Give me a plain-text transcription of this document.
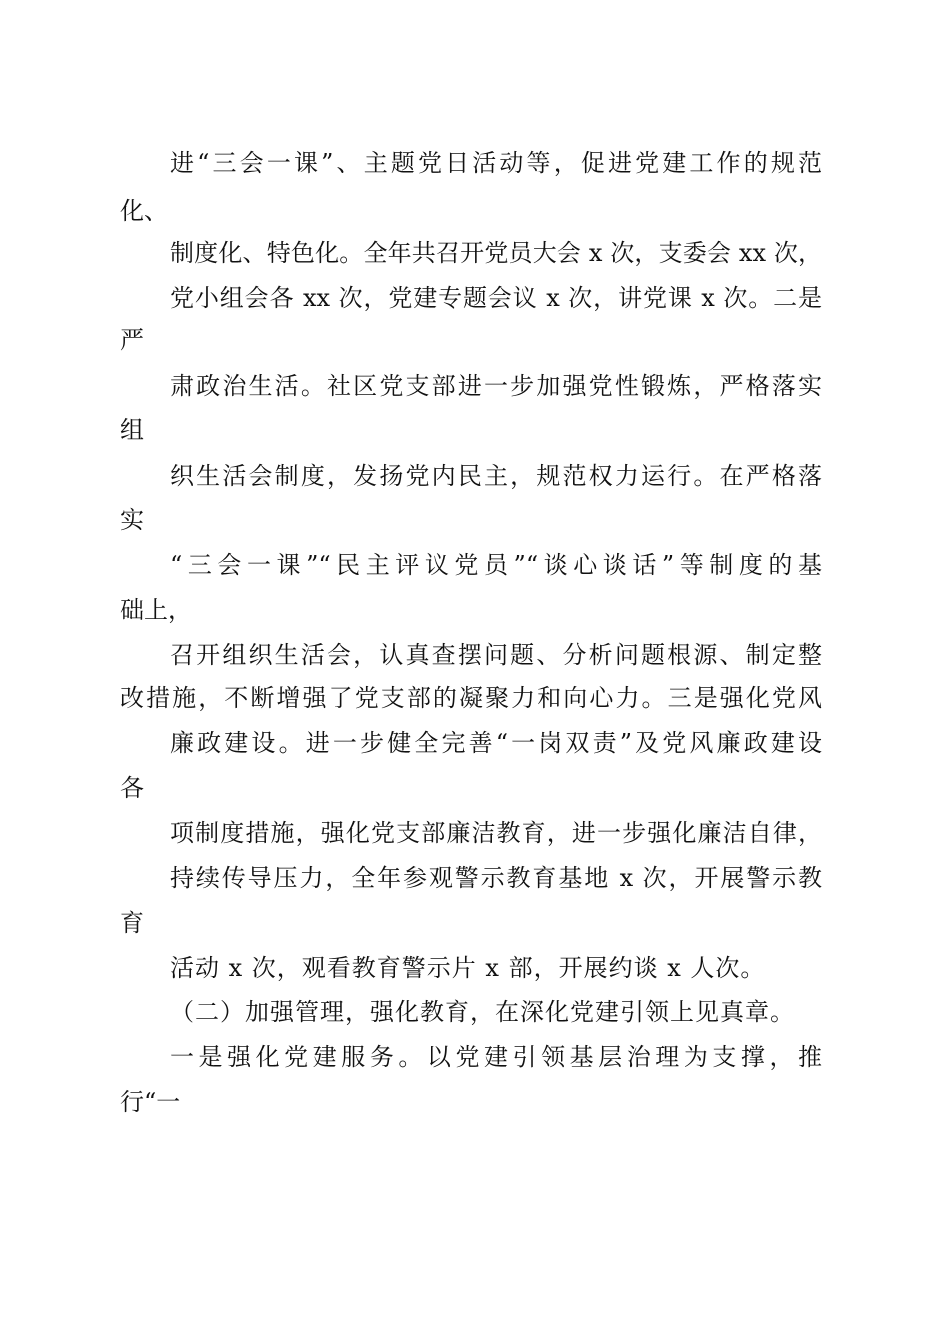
进“三会一课”、主题党日活动等，促进党建工作的规范
化、
制度化、特色化。全年共召开党员大会 x 次，支委会 xx 次，
党小组会各 xx 次，党建专题会议 x 次，讲党课 x 次。二是
严
肃政治生活。社区党支部进一步加强党性锻炼，严格落实
组
织生活会制度，发扬党内民主，规范权力运行。在严格落
实
“三会一课”“民主评议党员”“谈心谈话”等制度的基
础上，
召开组织生活会，认真查摆问题、分析问题根源、制定整
改措施，不断增强了党支部的凝聚力和向心力。三是强化党风
廉政建设。进一步健全完善“一岗双责”及党风廉政建设
各
项制度措施，强化党支部廉洁教育，进一步强化廉洁自律，
持续传导压力，全年参观警示教育基地 x 次，开展警示教
育
活动 x 次，观看教育警示片 x 部，开展约谈 x 人次。
（二）加强管理，强化教育，在深化党建引领上见真章。
一是强化党建服务。以党建引领基层治理为支撑，推
行“一
